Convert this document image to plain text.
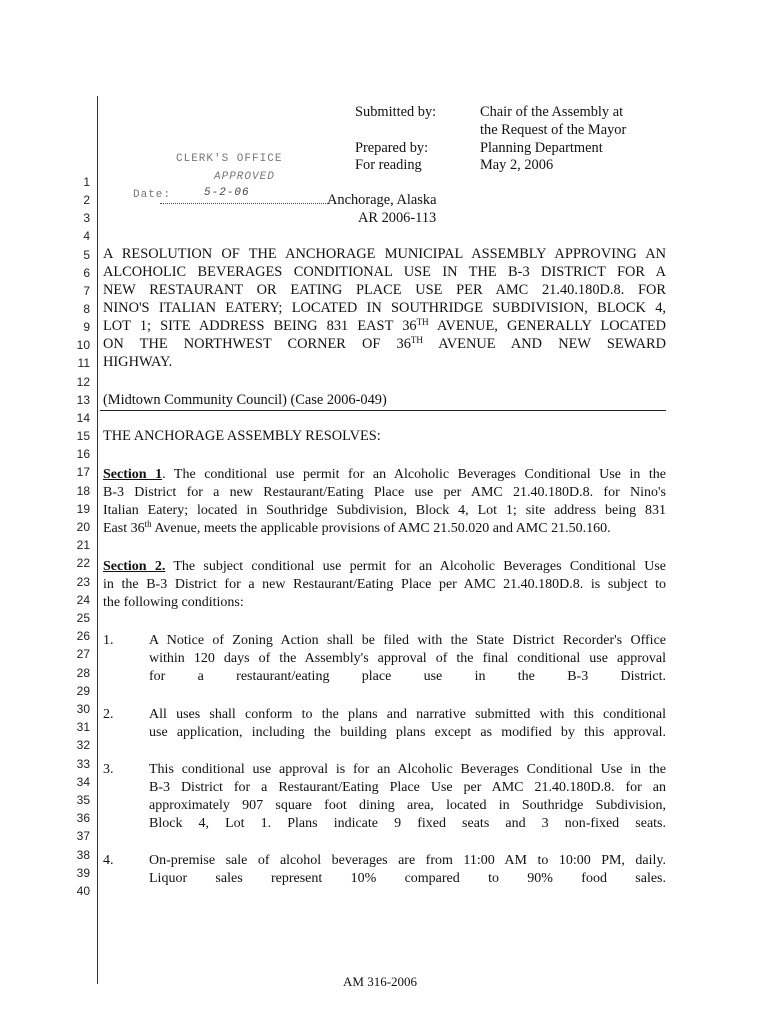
1
2
3
4
5
6
7
8
9
10
11
12
13
14
15
16
17
18
19
20
21
22
23
24
25
26
27
28
29
30
31
32
33
34
35
36
37
38
39
40
Submitted by:	Chair of the Assembly at
the Request of the Mayor
Prepared by:	Planning Department
For reading	May 2, 2006
CLERK'S OFFICE
APPROVED
Date:	5-2-06	Anchorage, Alaska
AR 2006-113
A RESOLUTION OF THE ANCHORAGE MUNICIPAL ASSEMBLY APPROVING AN
ALCOHOLIC BEVERAGES CONDITIONAL USE IN THE B-3 DISTRICT FOR A
NEW RESTAURANT OR EATING PLACE USE PER AMC 21.40.180D.8. FOR
NINO'S ITALIAN EATERY; LOCATED IN SOUTHRIDGE SUBDIVISION, BLOCK 4,
LOT 1; SITE ADDRESS BEING 831 EAST 36TH AVENUE, GENERALLY LOCATED
ON THE NORTHWEST CORNER OF 36TH AVENUE AND NEW SEWARD
HIGHWAY.
(Midtown Community Council) (Case 2006-049)
THE ANCHORAGE ASSEMBLY RESOLVES:
Section 1. The conditional use permit for an Alcoholic Beverages Conditional Use in the
B-3 District for a new Restaurant/Eating Place use per AMC 21.40.180D.8. for Nino's
Italian Eatery; located in Southridge Subdivision, Block 4, Lot 1; site address being 831
East 36th Avenue, meets the applicable provisions of AMC 21.50.020 and AMC 21.50.160.
Section 2. The subject conditional use permit for an Alcoholic Beverages Conditional Use
in the B-3 District for a new Restaurant/Eating Place per AMC 21.40.180D.8. is subject to
the following conditions:
1.	A Notice of Zoning Action shall be filed with the State District Recorder's Office
within 120 days of the Assembly's approval of the final conditional use approval
for a restaurant/eating place use in the B-3 District.
2.	All uses shall conform to the plans and narrative submitted with this conditional
use application, including the building plans except as modified by this approval.
3.	This conditional use approval is for an Alcoholic Beverages Conditional Use in the
B-3 District for a Restaurant/Eating Place Use per AMC 21.40.180D.8. for an
approximately 907 square foot dining area, located in Southridge Subdivision,
Block 4, Lot 1. Plans indicate 9 fixed seats and 3 non-fixed seats.
4.	On-premise sale of alcohol beverages are from 11:00 AM to 10:00 PM, daily.
Liquor sales represent 10% compared to 90% food sales.
AM 316-2006
